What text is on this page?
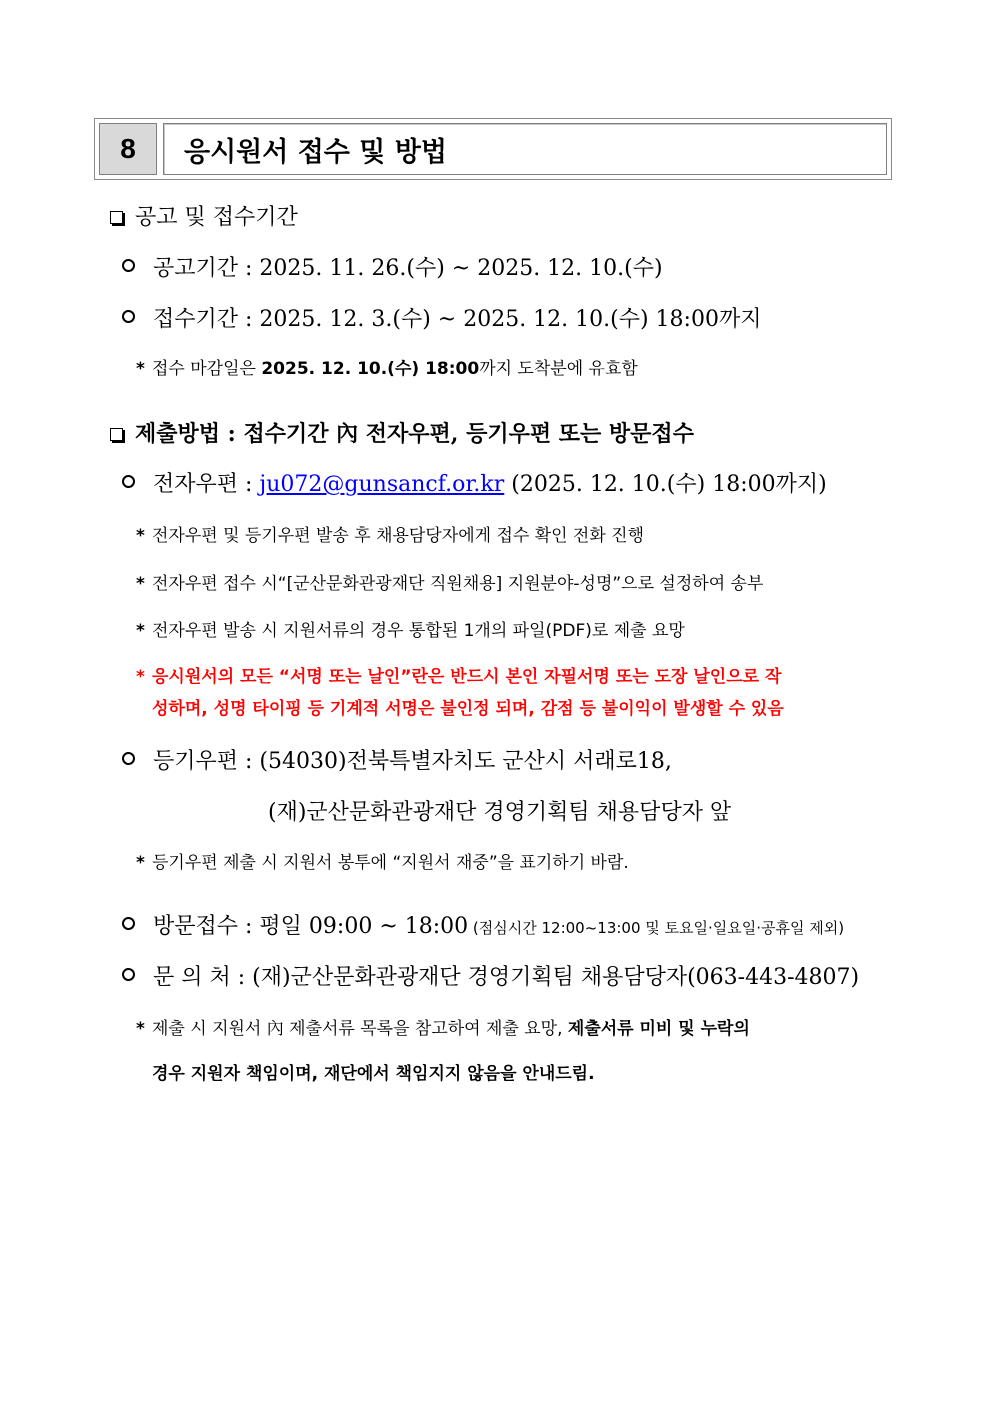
8	응시원서 접수 및 방법
공고 및 접수기간
공고기간 : 2025. 11. 26.(수) ~ 2025. 12. 10.(수)
접수기간 : 2025. 12. 3.(수) ~ 2025. 12. 10.(수) 18:00까지
* 접수 마감일은 2025. 12. 10.(수) 18:00까지 도착분에 유효함
제출방법 : 접수기간 內 전자우편, 등기우편 또는 방문접수
전자우편 : ju072@gunsancf.or.kr (2025. 12. 10.(수) 18:00까지)
* 전자우편 및 등기우편 발송 후 채용담당자에게 접수 확인 전화 진행
* 전자우편 접수 시“[군산문화관광재단 직원채용] 지원분야-성명”으로 설정하여 송부
* 전자우편 발송 시 지원서류의 경우 통합된 1개의 파일(PDF)로 제출 요망
* 응시원서의 모든 “서명 또는 날인”란은 반드시 본인 자필서명 또는 도장 날인으로 작
성하며, 성명 타이핑 등 기계적 서명은 불인정 되며, 감점 등 불이익이 발생할 수 있음
등기우편 : (54030)전북특별자치도 군산시 서래로18,
(재)군산문화관광재단 경영기획팀 채용담당자 앞
* 등기우편 제출 시 지원서 봉투에 “지원서 재중”을 표기하기 바람.
방문접수 : 평일 09:00 ~ 18:00 (점심시간 12:00~13:00 및 토요일·일요일·공휴일 제외)
문 의 처 : (재)군산문화관광재단 경영기획팀 채용담당자(063-443-4807)
* 제출 시 지원서 內 제출서류 목록을 참고하여 제출 요망, 제출서류 미비 및 누락의
경우 지원자 책임이며, 재단에서 책임지지 않음을 안내드림.
